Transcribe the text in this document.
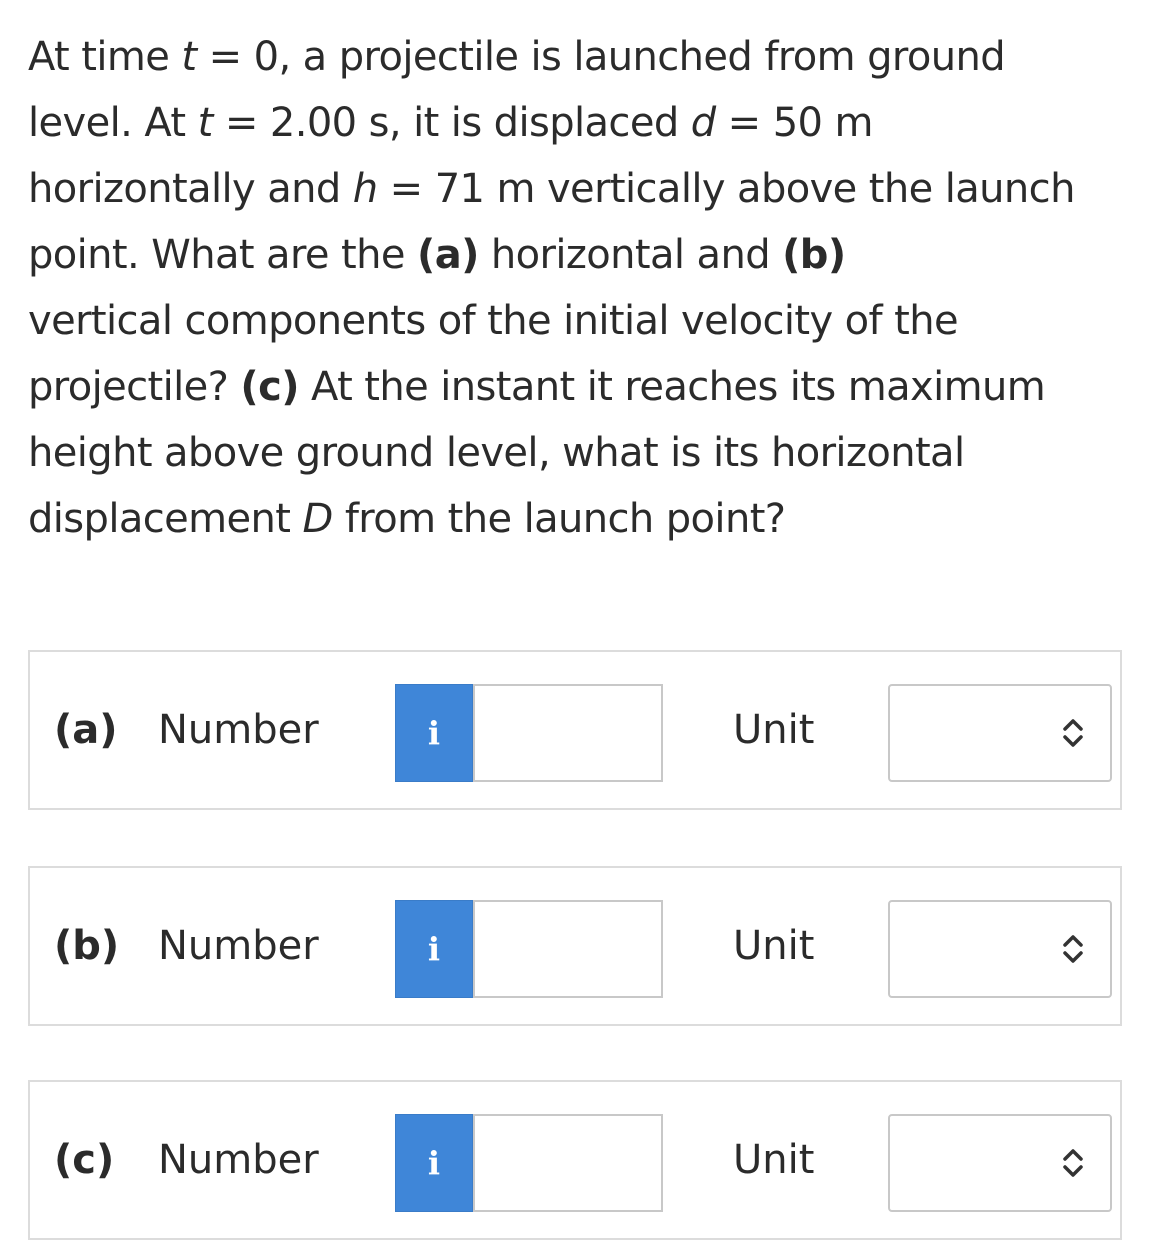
At time t = 0, a projectile is launched from ground
level. At t = 2.00 s, it is displaced d = 50 m
horizontally and h = 71 m vertically above the launch
point. What are the (a) horizontal and (b)
vertical components of the initial velocity of the
projectile? (c) At the instant it reaches its maximum
height above ground level, what is its horizontal
displacement D from the launch point?
(a) Number	i	Unit
(b) Number	i	Unit
(c) Number	i	Unit
